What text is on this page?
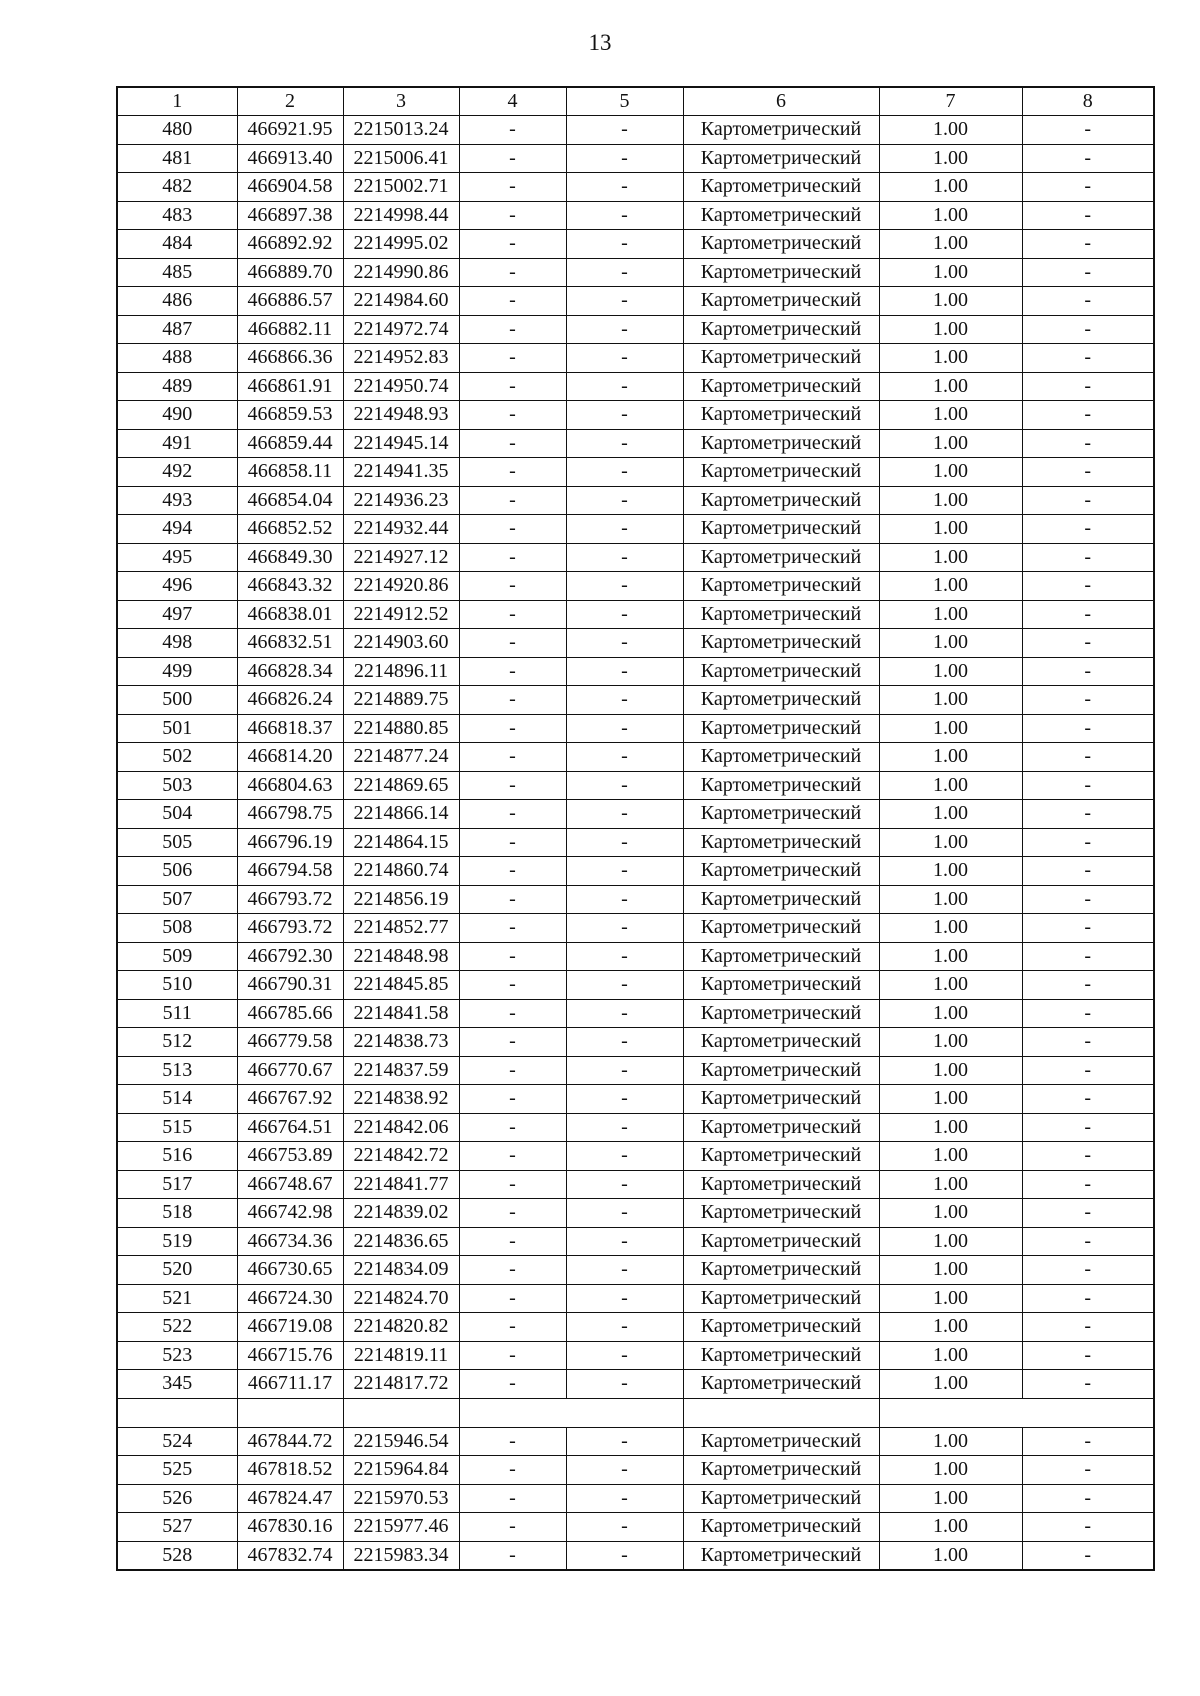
13
1	2	3	4	5	6	7	8
480	466921.95	2215013.24	-	-	Картометрический	1.00	-
481	466913.40	2215006.41	-	-	Картометрический	1.00	-
482	466904.58	2215002.71	-	-	Картометрический	1.00	-
483	466897.38	2214998.44	-	-	Картометрический	1.00	-
484	466892.92	2214995.02	-	-	Картометрический	1.00	-
485	466889.70	2214990.86	-	-	Картометрический	1.00	-
486	466886.57	2214984.60	-	-	Картометрический	1.00	-
487	466882.11	2214972.74	-	-	Картометрический	1.00	-
488	466866.36	2214952.83	-	-	Картометрический	1.00	-
489	466861.91	2214950.74	-	-	Картометрический	1.00	-
490	466859.53	2214948.93	-	-	Картометрический	1.00	-
491	466859.44	2214945.14	-	-	Картометрический	1.00	-
492	466858.11	2214941.35	-	-	Картометрический	1.00	-
493	466854.04	2214936.23	-	-	Картометрический	1.00	-
494	466852.52	2214932.44	-	-	Картометрический	1.00	-
495	466849.30	2214927.12	-	-	Картометрический	1.00	-
496	466843.32	2214920.86	-	-	Картометрический	1.00	-
497	466838.01	2214912.52	-	-	Картометрический	1.00	-
498	466832.51	2214903.60	-	-	Картометрический	1.00	-
499	466828.34	2214896.11	-	-	Картометрический	1.00	-
500	466826.24	2214889.75	-	-	Картометрический	1.00	-
501	466818.37	2214880.85	-	-	Картометрический	1.00	-
502	466814.20	2214877.24	-	-	Картометрический	1.00	-
503	466804.63	2214869.65	-	-	Картометрический	1.00	-
504	466798.75	2214866.14	-	-	Картометрический	1.00	-
505	466796.19	2214864.15	-	-	Картометрический	1.00	-
506	466794.58	2214860.74	-	-	Картометрический	1.00	-
507	466793.72	2214856.19	-	-	Картометрический	1.00	-
508	466793.72	2214852.77	-	-	Картометрический	1.00	-
509	466792.30	2214848.98	-	-	Картометрический	1.00	-
510	466790.31	2214845.85	-	-	Картометрический	1.00	-
511	466785.66	2214841.58	-	-	Картометрический	1.00	-
512	466779.58	2214838.73	-	-	Картометрический	1.00	-
513	466770.67	2214837.59	-	-	Картометрический	1.00	-
514	466767.92	2214838.92	-	-	Картометрический	1.00	-
515	466764.51	2214842.06	-	-	Картометрический	1.00	-
516	466753.89	2214842.72	-	-	Картометрический	1.00	-
517	466748.67	2214841.77	-	-	Картометрический	1.00	-
518	466742.98	2214839.02	-	-	Картометрический	1.00	-
519	466734.36	2214836.65	-	-	Картометрический	1.00	-
520	466730.65	2214834.09	-	-	Картометрический	1.00	-
521	466724.30	2214824.70	-	-	Картометрический	1.00	-
522	466719.08	2214820.82	-	-	Картометрический	1.00	-
523	466715.76	2214819.11	-	-	Картометрический	1.00	-
345	466711.17	2214817.72	-	-	Картометрический	1.00	-

524	467844.72	2215946.54	-	-	Картометрический	1.00	-
525	467818.52	2215964.84	-	-	Картометрический	1.00	-
526	467824.47	2215970.53	-	-	Картометрический	1.00	-
527	467830.16	2215977.46	-	-	Картометрический	1.00	-
528	467832.74	2215983.34	-	-	Картометрический	1.00	-
